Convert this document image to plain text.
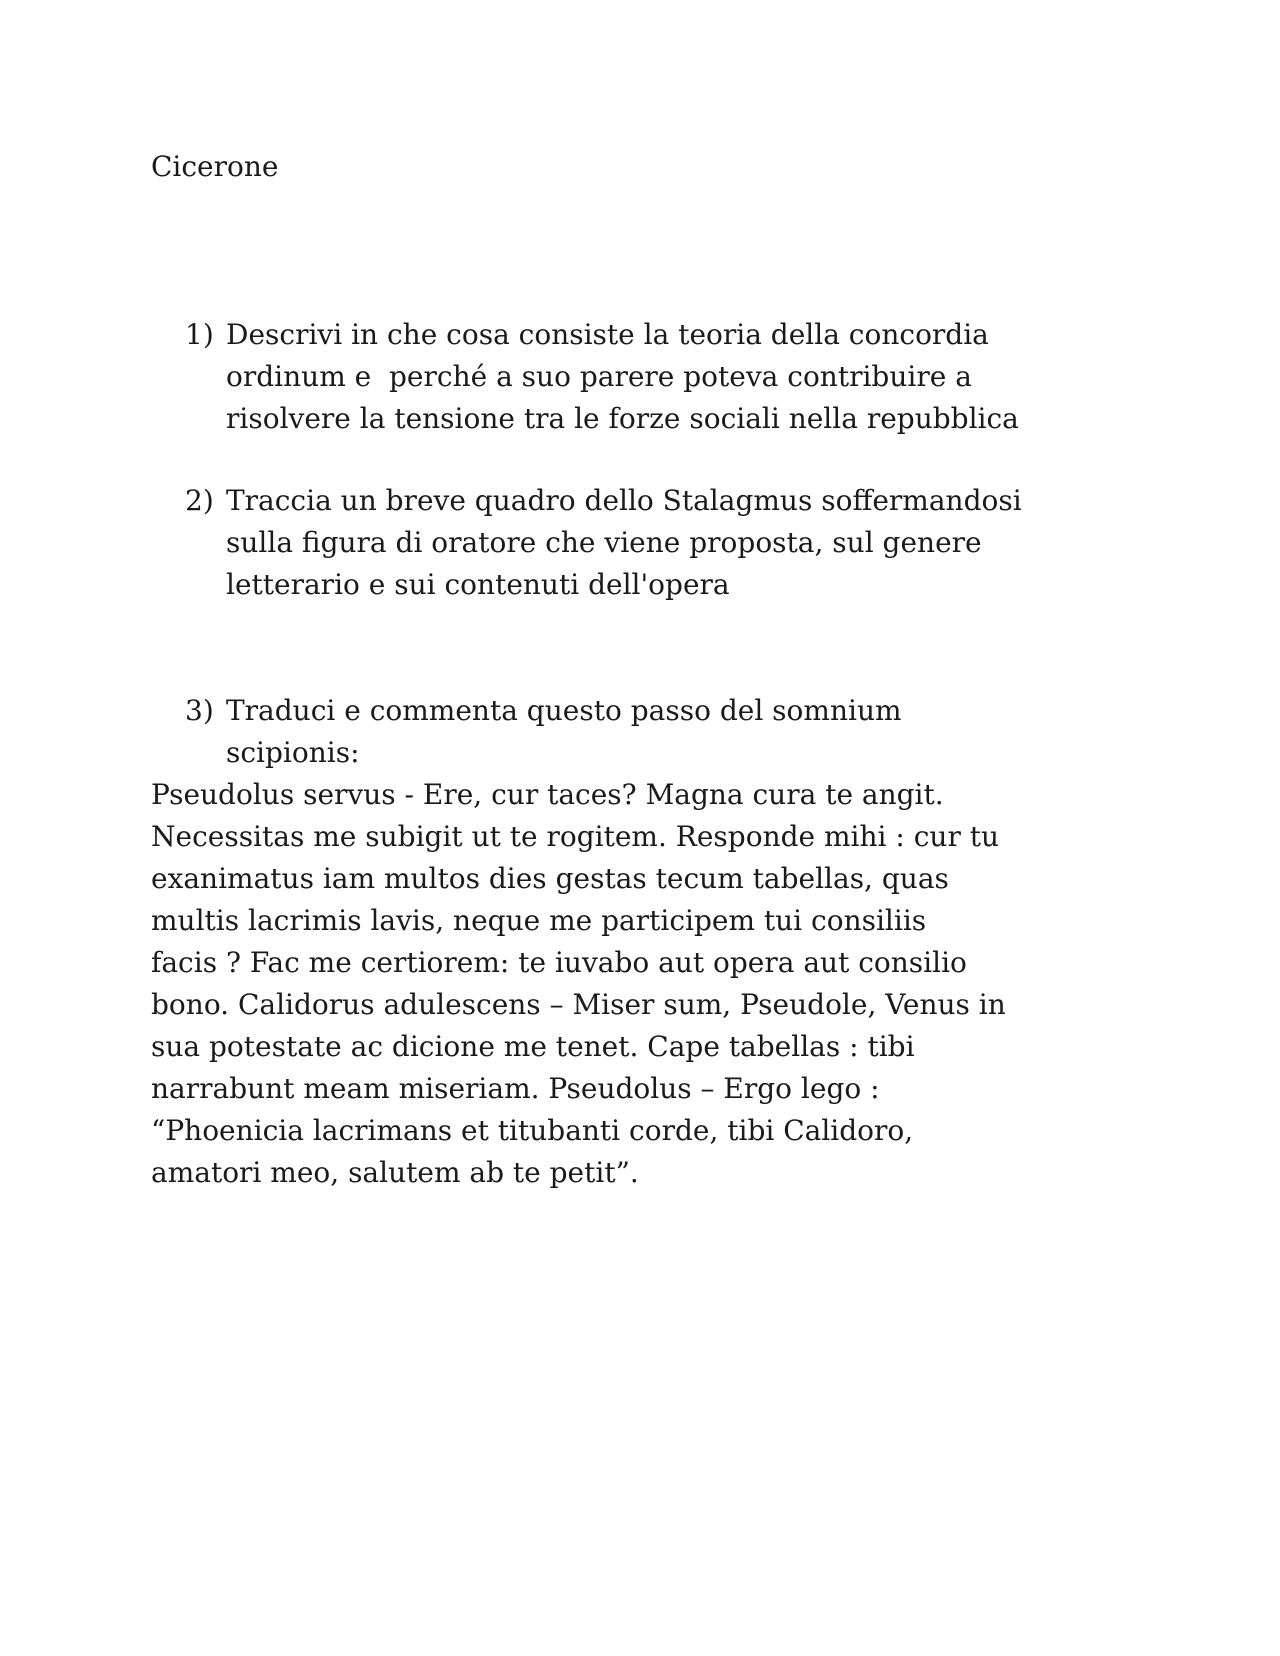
Cicerone
1) Descrivi in che cosa consiste la teoria della concordia
ordinum e  perché a suo parere poteva contribuire a
risolvere la tensione tra le forze sociali nella repubblica
2) Traccia un breve quadro dello Stalagmus soffermandosi
sulla figura di oratore che viene proposta, sul genere
letterario e sui contenuti dell'opera
3) Traduci e commenta questo passo del somnium
scipionis:
Pseudolus servus - Ere, cur taces? Magna cura te angit.
Necessitas me subigit ut te rogitem. Responde mihi : cur tu
exanimatus iam multos dies gestas tecum tabellas, quas
multis lacrimis lavis, neque me participem tui consiliis
facis ? Fac me certiorem: te iuvabo aut opera aut consilio
bono. Calidorus adulescens – Miser sum, Pseudole, Venus in
sua potestate ac dicione me tenet. Cape tabellas : tibi
narrabunt meam miseriam. Pseudolus – Ergo lego :
“Phoenicia lacrimans et titubanti corde, tibi Calidoro,
amatori meo, salutem ab te petit”.
